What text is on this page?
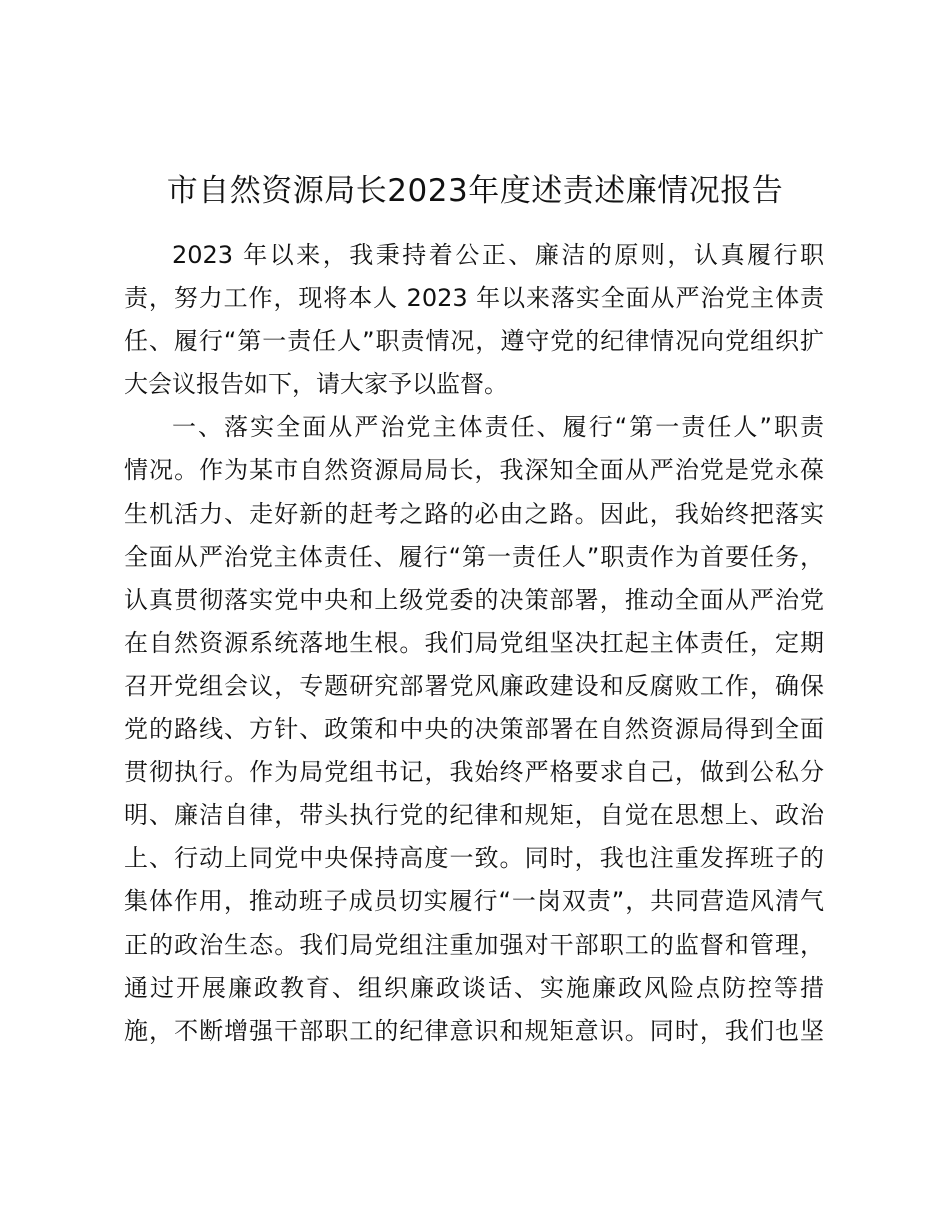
市自然资源局长2023年度述责述廉情况报告
2023 年以来，我秉持着公正、廉洁的原则，认真履行职
责，努力工作，现将本人 2023 年以来落实全面从严治党主体责
任、履行“第一责任人”职责情况，遵守党的纪律情况向党组织扩
大会议报告如下，请大家予以监督。
一、落实全面从严治党主体责任、履行“第一责任人”职责
情况。作为某市自然资源局局长，我深知全面从严治党是党永葆
生机活力、走好新的赶考之路的必由之路。因此，我始终把落实
全面从严治党主体责任、履行“第一责任人”职责作为首要任务，
认真贯彻落实党中央和上级党委的决策部署，推动全面从严治党
在自然资源系统落地生根。我们局党组坚决扛起主体责任，定期
召开党组会议，专题研究部署党风廉政建设和反腐败工作，确保
党的路线、方针、政策和中央的决策部署在自然资源局得到全面
贯彻执行。作为局党组书记，我始终严格要求自己，做到公私分
明、廉洁自律，带头执行党的纪律和规矩，自觉在思想上、政治
上、行动上同党中央保持高度一致。同时，我也注重发挥班子的
集体作用，推动班子成员切实履行“一岗双责”，共同营造风清气
正的政治生态。我们局党组注重加强对干部职工的监督和管理，
通过开展廉政教育、组织廉政谈话、实施廉政风险点防控等措
施，不断增强干部职工的纪律意识和规矩意识。同时，我们也坚
